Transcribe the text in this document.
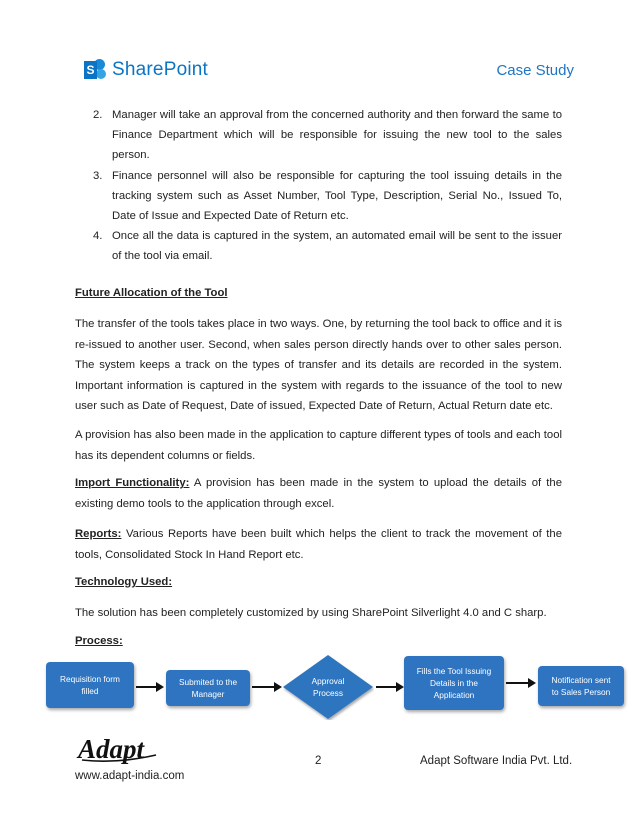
S SharePoint	Case Study
2. Manager will take an approval from the concerned authority and then forward the same to Finance Department which will be responsible for issuing the new tool to the sales person.
3. Finance personnel will also be responsible for capturing the tool issuing details in the tracking system such as Asset Number, Tool Type, Description, Serial No., Issued To, Date of Issue and Expected Date of Return etc.
4. Once all the data is captured in the system, an automated email will be sent to the issuer of the tool via email.
Future Allocation of the Tool

The transfer of the tools takes place in two ways. One, by returning the tool back to office and it is re-issued to another user. Second, when sales person directly hands over to other sales person. The system keeps a track on the types of transfer and its details are recorded in the system. Important information is captured in the system with regards to the issuance of the tool to new user such as Date of Request, Date of issued, Expected Date of Return, Actual Return date etc.

A provision has also been made in the application to capture different types of tools and each tool has its dependent columns or fields.

Import Functionality: A provision has been made in the system to upload the details of the existing demo tools to the application through excel.

Reports: Various Reports have been built which helps the client to track the movement of the tools, Consolidated Stock In Hand Report etc.

Technology Used:

The solution has been completely customized by using SharePoint Silverlight 4.0 and C sharp.

Process:
Requisition form
filled
Submited to the
Manager
Approval
Process
Fills the Tool Issuing
Details in the
Application
Notification sent
to Sales Person
Adapt	2	Adapt Software India Pvt. Ltd.
www.adapt-india.com
